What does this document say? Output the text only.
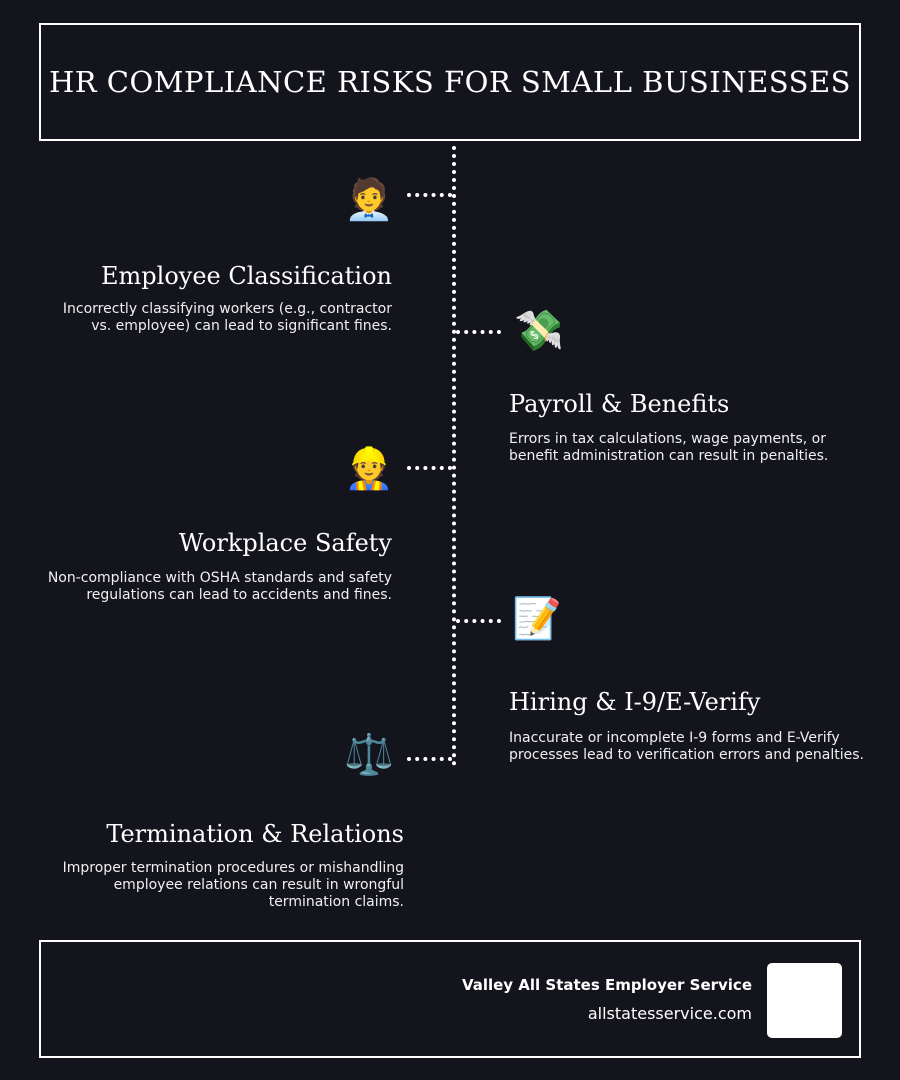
HR COMPLIANCE RISKS FOR SMALL BUSINESSES
🧑‍💼
Employee Classification
Incorrectly classifying workers (e.g., contractor
vs. employee) can lead to significant fines.	💸
Payroll & Benefits
Errors in tax calculations, wage payments, or
benefit administration can result in penalties.
👷
Workplace Safety
Non-compliance with OSHA standards and safety
regulations can lead to accidents and fines.
📝
Hiring & I-9/E-Verify
Inaccurate or incomplete I-9 forms and E-Verify
processes lead to verification errors and penalties.
⚖️
Termination & Relations
Improper termination procedures or mishandling
employee relations can result in wrongful
termination claims.
Valley All States Employer Service
allstatesservice.com
